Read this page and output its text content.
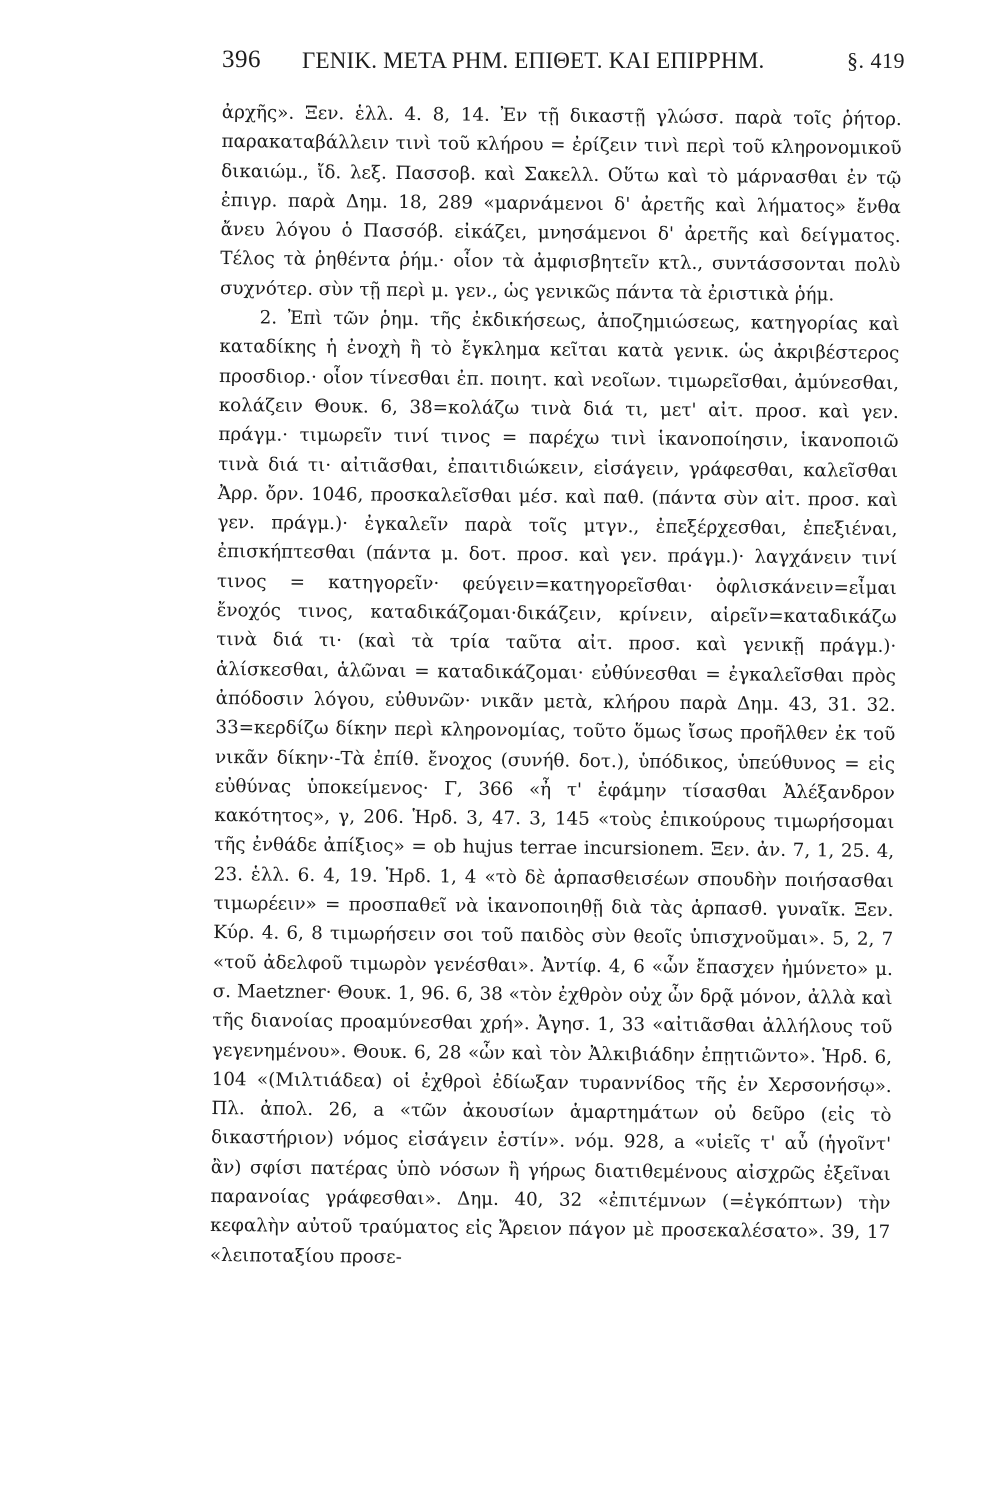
396 ΓΕΝΙΚ. ΜΕΤΑ ΡΗΜ. ΕΠΙΘΕΤ. ΚΑΙ ΕΠΙΡΡΗΜ.	§. 419

ἀρχῆς». Ξεν. ἑλλ. 4. 8, 14. Ἐν τῇ δικαστῇ γλώσσ. παρὰ τοῖς ῥήτορ. παρακαταβάλλειν τινὶ τοῦ κλήρου = ἐρίζειν τινὶ περὶ τοῦ κληρονομικοῦ δικαιώμ., ἴδ. λεξ. Πασσοβ. καὶ Σακελλ. Οὕτω καὶ τὸ μάρνασθαι ἐν τῷ ἐπιγρ. παρὰ Δημ. 18, 289 «μαρνάμενοι δ' ἀρετῆς καὶ λήματος» ἔνθα ἄνευ λόγου ὁ Πασσόβ. εἰκάζει, μνησάμενοι δ' ἀρετῆς καὶ δείγματος. Τέλος τὰ ῥηθέντα ῥήμ.· οἷον τὰ ἀμφισβητεῖν κτλ., συντάσσονται πολὺ συχνότερ. σὺν τῇ περὶ μ. γεν., ὡς γενικῶς πάντα τὰ ἐριστικὰ ῥήμ.

2. Ἐπὶ τῶν ῥημ. τῆς ἐκδικήσεως, ἀποζημιώσεως, κατηγορίας καὶ καταδίκης ἡ ἐνοχὴ ἢ τὸ ἔγκλημα κεῖται κατὰ γενικ. ὡς ἀκριβέστερος προσδιορ.· οἷον τίνεσθαι ἐπ. ποιητ. καὶ νεοῖων. τιμωρεῖσθαι, ἀμύνεσθαι, κολάζειν Θουκ. 6, 38=κολάζω τινὰ διά τι, μετ' αἰτ. προσ. καὶ γεν. πράγμ.· τιμωρεῖν τινί τινος = παρέχω τινὶ ἱκανοποίησιν, ἱκανοποιῶ τινὰ διά τι· αἰτιᾶσθαι, ἐπαιτιδιώκειν, εἰσάγειν, γράφεσθαι, καλεῖσθαι Ἀρρ. ὄρν. 1046, προσκαλεῖσθαι μέσ. καὶ παθ. (πάντα σὺν αἰτ. προσ. καὶ γεν. πράγμ.)· ἐγκαλεῖν παρὰ τοῖς μτγν., ἐπεξέρχεσθαι, ἐπεξιέναι, ἐπισκήπτεσθαι (πάντα μ. δοτ. προσ. καὶ γεν. πράγμ.)· λαγχάνειν τινί τινος = κατηγορεῖν· φεύγειν=κατηγορεῖσθαι· ὀφλισκάνειν=εἶμαι ἔνοχός τινος, καταδικάζομαι·δικάζειν, κρίνειν, αἱρεῖν=καταδικάζω τινὰ διά τι· (καὶ τὰ τρία ταῦτα αἰτ. προσ. καὶ γενικῇ πράγμ.)· ἁλίσκεσθαι, ἁλῶναι = καταδικάζομαι· εὐθύνεσθαι = ἐγκαλεῖσθαι πρὸς ἀπόδοσιν λόγου, εὐθυνῶν· νικᾶν μετὰ, κλήρου παρὰ Δημ. 43, 31. 32. 33=κερδίζω δίκην περὶ κληρονομίας, τοῦτο ὅμως ἴσως προῆλθεν ἐκ τοῦ νικᾶν δίκην·-Τὰ ἐπίθ. ἔνοχος (συνήθ. δοτ.), ὑπόδικος, ὑπεύθυνος = εἰς εὐθύνας ὑποκείμενος· Γ, 366 «ἦ τ' ἐφάμην τίσασθαι Ἀλέξανδρον κακότητος», γ, 206. Ἡρδ. 3, 47. 3, 145 «τοὺς ἐπικούρους τιμωρήσομαι τῆς ἐνθάδε ἀπίξιος» = ob hujus terrae incursionem. Ξεν. ἀν. 7, 1, 25. 4, 23. ἑλλ. 6. 4, 19. Ἡρδ. 1, 4 «τὸ δὲ ἁρπασθεισέων σπουδὴν ποιήσασθαι τιμωρέειν» = προσπαθεῖ νὰ ἱκανοποιηθῇ διὰ τὰς ἁρπασθ. γυναῖκ. Ξεν. Κύρ. 4. 6, 8 τιμωρήσειν σοι τοῦ παιδὸς σὺν θεοῖς ὑπισχνοῦμαι». 5, 2, 7 «τοῦ ἀδελφοῦ τιμωρὸν γενέσθαι». Ἀντίφ. 4, 6 «ὧν ἔπασχεν ἠμύνετο» μ. σ. Maetzner· Θουκ. 1, 96. 6, 38 «τὸν ἐχθρὸν οὐχ ὧν δρᾷ μόνον, ἀλλὰ καὶ τῆς διανοίας προαμύνεσθαι χρή». Ἀγησ. 1, 33 «αἰτιᾶσθαι ἀλλήλους τοῦ γεγενημένου». Θουκ. 6, 28 «ὧν καὶ τὸν Ἀλκιβιάδην ἐπῃτιῶντο». Ἡρδ. 6, 104 «(Μιλτιάδεα) οἱ ἐχθροὶ ἐδίωξαν τυραννίδος τῆς ἐν Χερσονήσῳ». Πλ. ἀπολ. 26, a «τῶν ἀκουσίων ἁμαρτημάτων οὐ δεῦρο (εἰς τὸ δικαστήριον) νόμος εἰσάγειν ἐστίν». νόμ. 928, a «υἱεῖς τ' αὖ (ἡγοῖντ' ἂν) σφίσι πατέρας ὑπὸ νόσων ἢ γήρως διατιθεμένους αἰσχρῶς ἐξεῖναι παρανοίας γράφεσθαι». Δημ. 40, 32 «ἐπιτέμνων (=ἐγκόπτων) τὴν κεφαλὴν αὐτοῦ τραύματος εἰς Ἄρειον πάγον μὲ προσεκαλέσατο». 39, 17 «λειποταξίου προσε-
